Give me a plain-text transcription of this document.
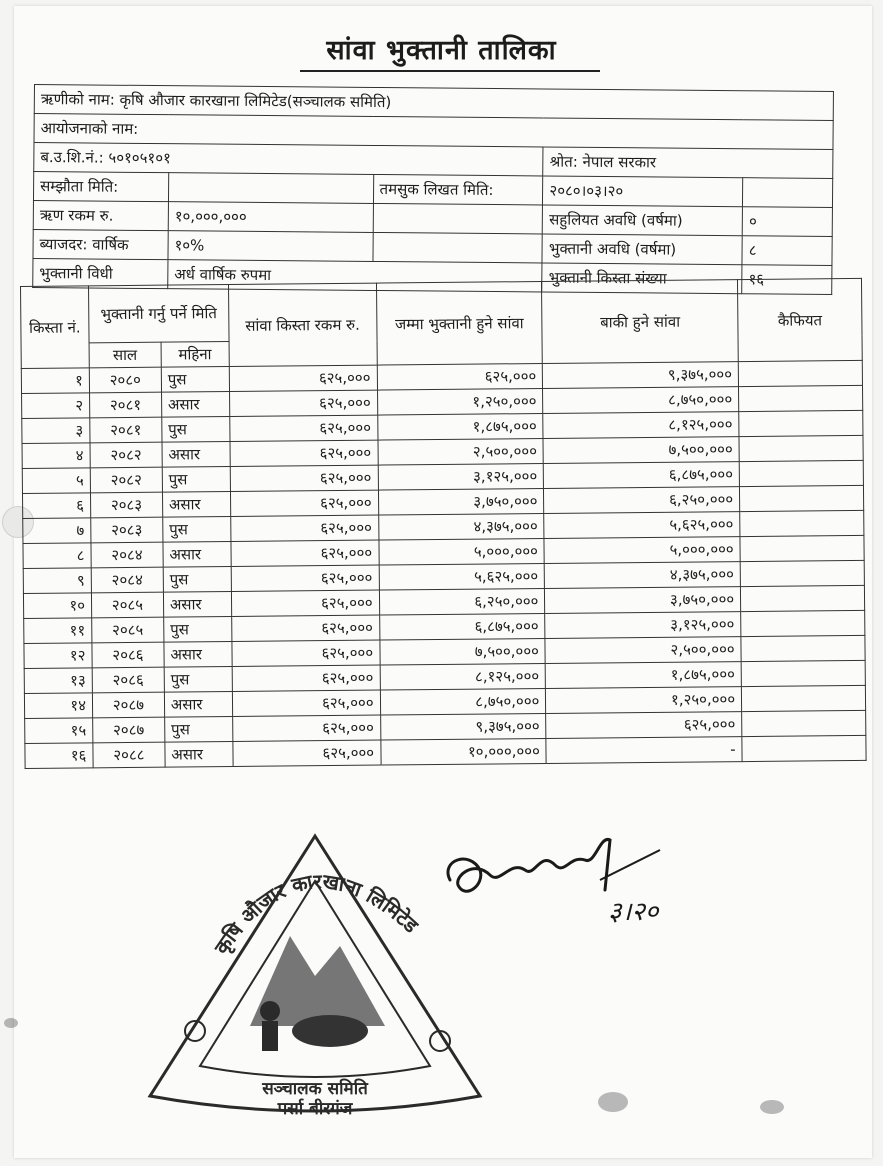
सांवा भुक्तानी तालिका
ऋणीको नाम: कृषि औजार कारखाना लिमिटेड(सञ्चालक समिति)				
आयोजनाको नाम:				
ब.उ.शि.नं.: ५०१०५१०१			श्रोत: नेपाल सरकार	
सम्झौता मिति:		तमसुक लिखत मिति:	२०८०।०३।२०	
ऋण रकम रु.	१०,०००,०००		सहुलियत अवधि (वर्षमा)	०
ब्याजदर: वार्षिक	१०%		भुक्तानी अवधि (वर्षमा)	८
भुक्तानी विधी	अर्ध वार्षिक रुपमा		भुक्तानी किस्ता संख्या	१६
किस्ता नं.	भुक्तानी गर्नु पर्ने मिति		सांवा किस्ता रकम रु.	जम्मा भुक्तानी हुने सांवा	बाकी हुने सांवा	कैफियत
	साल	महिना				
१	२०८०	पुस	६२५,०००	६२५,०००	९,३७५,०००	
२	२०८१	असार	६२५,०००	१,२५०,०००	८,७५०,०००	
३	२०८१	पुस	६२५,०००	१,८७५,०००	८,१२५,०००	
४	२०८२	असार	६२५,०००	२,५००,०००	७,५००,०००	
५	२०८२	पुस	६२५,०००	३,१२५,०००	६,८७५,०००	
६	२०८३	असार	६२५,०००	३,७५०,०००	६,२५०,०००	
७	२०८३	पुस	६२५,०००	४,३७५,०००	५,६२५,०००	
८	२०८४	असार	६२५,०००	५,०००,०००	५,०००,०००	
९	२०८४	पुस	६२५,०००	५,६२५,०००	४,३७५,०००	
१०	२०८५	असार	६२५,०००	६,२५०,०००	३,७५०,०००	
११	२०८५	पुस	६२५,०००	६,८७५,०००	३,१२५,०००	
१२	२०८६	असार	६२५,०००	७,५००,०००	२,५००,०००	
१३	२०८६	पुस	६२५,०००	८,१२५,०००	१,८७५,०००	
१४	२०८७	असार	६२५,०००	८,७५०,०००	१,२५०,०००	
१५	२०८७	पुस	६२५,०००	९,३७५,०००	६२५,०००	
१६	२०८८	असार	६२५,०००	१०,०००,०००	-	
कृषि औजार कारखाना लिमिटेड
सञ्चालक समिति
पर्सा बीरगंज
३।२०
